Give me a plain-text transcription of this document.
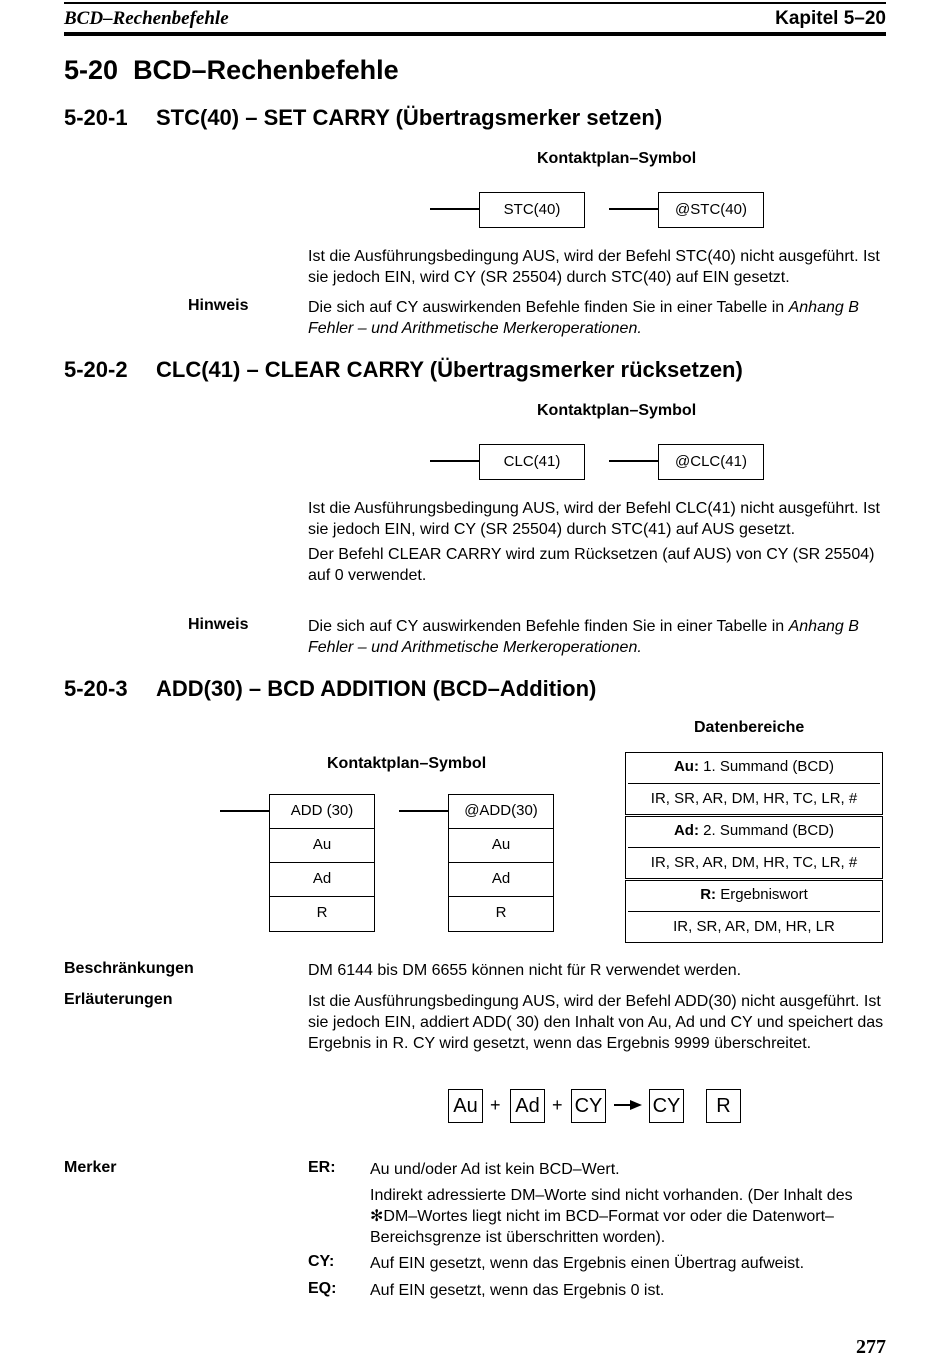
BCD–Rechenbefehle	Kapitel 5–20
5-20 BCD–Rechenbefehle
5-20-1 STC(40) – SET CARRY (Übertragsmerker setzen)
Kontaktplan–Symbol
STC(40)	@STC(40)

Ist die Ausführungsbedingung AUS, wird der Befehl STC(40) nicht ausgeführt. Ist sie jedoch EIN, wird CY (SR 25504) durch STC(40) auf EIN gesetzt.

Hinweis	Die sich auf CY auswirkenden Befehle finden Sie in einer Tabelle in Anhang B Fehler – und Arithmetische Merkeroperationen.
5-20-2 CLC(41) – CLEAR CARRY (Übertragsmerker rücksetzen)
Kontaktplan–Symbol
CLC(41)	@CLC(41)

Ist die Ausführungsbedingung AUS, wird der Befehl CLC(41) nicht ausgeführt. Ist sie jedoch EIN, wird CY (SR 25504) durch STC(41) auf AUS gesetzt.

Der Befehl CLEAR CARRY wird zum Rücksetzen (auf AUS) von CY (SR 25504) auf 0 verwendet.

Hinweis	Die sich auf CY auswirkenden Befehle finden Sie in einer Tabelle in Anhang B Fehler – und Arithmetische Merkeroperationen.
5-20-3 ADD(30) – BCD ADDITION (BCD–Addition)
Datenbereiche
Kontaktplan–Symbol
ADD (30)
Au
Ad
R
@ADD(30)
Au
Ad
R
Au: 1. Summand (BCD)
IR, SR, AR, DM, HR, TC, LR, #
Ad: 2. Summand (BCD)
IR, SR, AR, DM, HR, TC, LR, #
R: Ergebniswort
IR, SR, AR, DM, HR, LR
Beschränkungen	DM 6144 bis DM 6655 können nicht für R verwendet werden.
Erläuterungen	Ist die Ausführungsbedingung AUS, wird der Befehl ADD(30) nicht ausgeführt. Ist sie jedoch EIN, addiert ADD( 30) den Inhalt von Au, Ad und CY und speichert das Ergebnis in R. CY wird gesetzt, wenn das Ergebnis 9999 überschreitet.
Au + Ad + CY	CY	R
Merker	ER: Au und/oder Ad ist kein BCD–Wert.
Indirekt adressierte DM–Worte sind nicht vorhanden. (Der Inhalt des ✻DM–Wortes liegt nicht im BCD–Format vor oder die Datenwort–Bereichsgrenze ist überschritten worden).
CY: Auf EIN gesetzt, wenn das Ergebnis einen Übertrag aufweist.
EQ: Auf EIN gesetzt, wenn das Ergebnis 0 ist.
277
